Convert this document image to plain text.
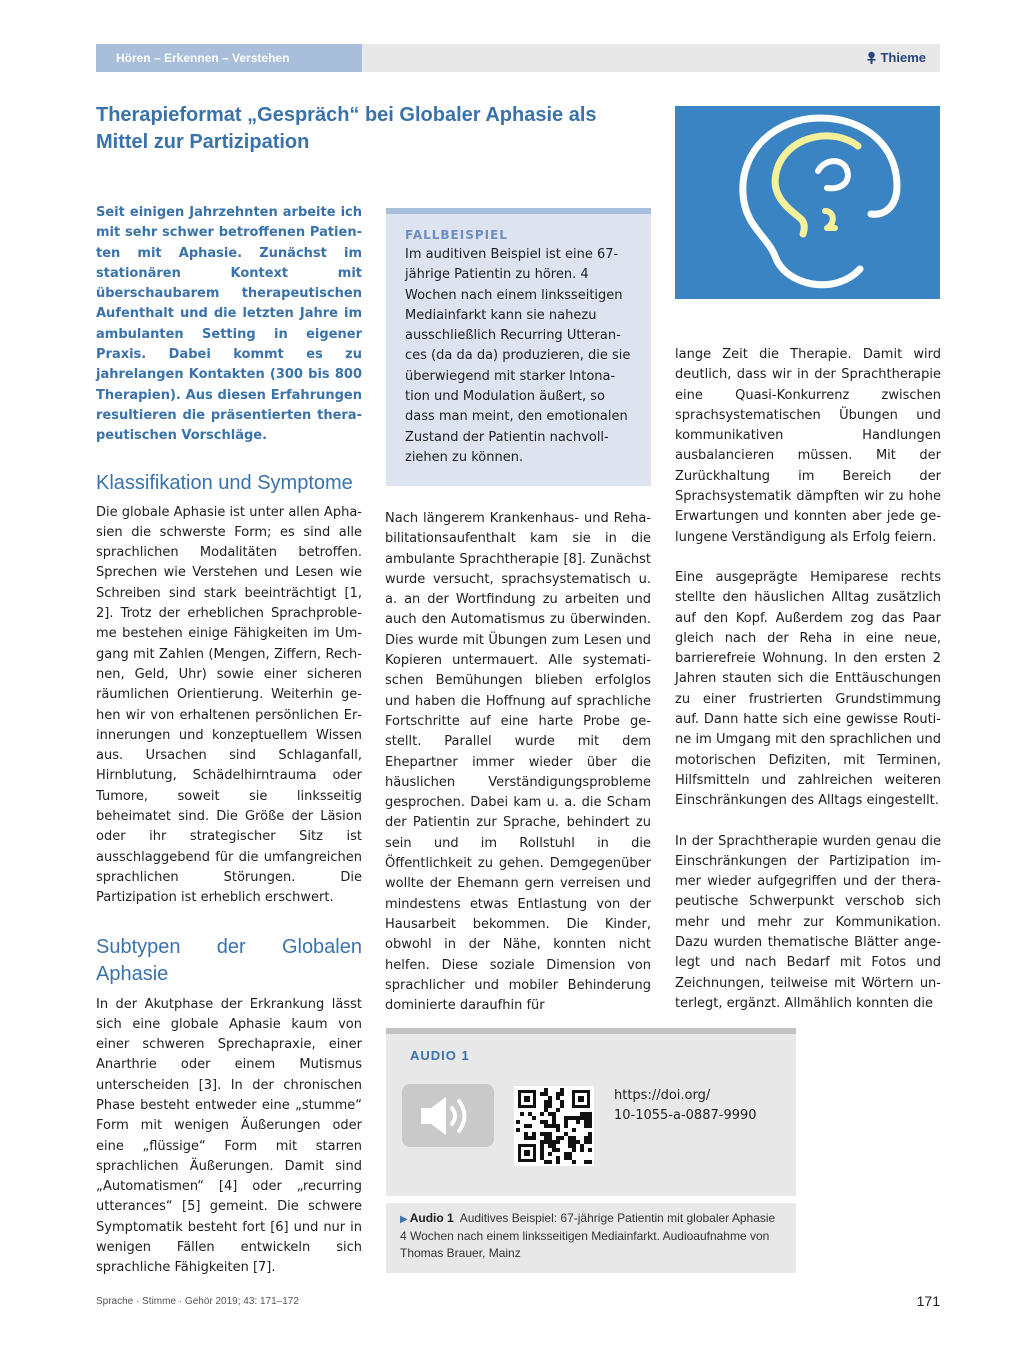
Hören – Erkennen – Verstehen	Thieme
Therapieformat „Gespräch“ bei Globaler Aphasie als Mittel zur Partizipation

Seit einigen Jahrzehnten arbeite ich mit sehr schwer betroffenen Patienten mit Aphasie. Zunächst im stationären Kontext mit überschaubarem therapeutischen Aufenthalt und die letzten Jahre im ambulanten Setting in eigener Praxis. Dabei kommt es zu jahrelangen Kontakten (300 bis 800 Therapien). Aus diesen Erfahrungen resultieren die präsentierten therapeutischen Vorschläge.

Klassifikation und Symptome

Die globale Aphasie ist unter allen Aphasien die schwerste Form; es sind alle sprachlichen Modalitäten betroffen. Sprechen wie Verstehen und Lesen wie Schreiben sind stark beeinträchtigt [1, 2]. Trotz der erheblichen Sprachprobleme bestehen einige Fähigkeiten im Umgang mit Zahlen (Mengen, Ziffern, Rechnen, Geld, Uhr) sowie einer sicheren räumlichen Orientierung. Weiterhin gehen wir von erhaltenen persönlichen Erinnerungen und konzeptuellem Wissen aus. Ursachen sind Schlaganfall, Hirnblutung, Schädelhirntrauma oder Tumore, soweit sie linksseitig beheimatet sind. Die Größe der Läsion oder ihr strategischer Sitz ist ausschlaggebend für die umfangreichen sprachlichen Störungen. Die Partizipation ist erheblich erschwert.

Subtypen der Globalen Aphasie

In der Akutphase der Erkrankung lässt sich eine globale Aphasie kaum von einer schweren Sprechapraxie, einer Anarthrie oder einem Mutismus unterscheiden [3]. In der chronischen Phase besteht entweder eine „stumme“ Form mit wenigen Äußerungen oder eine „flüssige“ Form mit starren sprachlichen Äußerungen. Damit sind „Automatismen“ [4] oder „recurring utterances“ [5] gemeint. Die schwere Symptomatik besteht fort [6] und nur in wenigen Fällen entwickeln sich sprachliche Fähigkeiten [7].

FALLBEISPIEL

Im auditiven Beispiel ist eine 67-jährige Patientin zu hören. 4 Wochen nach einem linksseitigen Mediainfarkt kann sie nahezu ausschließlich Recurring Utterances (da da da) produzieren, die sie überwiegend mit starker Intonation und Modulation äußert, so dass man meint, den emotionalen Zustand der Patientin nachvollziehen zu können.

Nach längerem Krankenhaus- und Rehabilitationsaufenthalt kam sie in die ambulante Sprachtherapie [8]. Zunächst wurde versucht, sprachsystematisch u. a. an der Wortfindung zu arbeiten und auch den Automatismus zu überwinden. Dies wurde mit Übungen zum Lesen und Kopieren untermauert. Alle systematischen Bemühungen blieben erfolglos und haben die Hoffnung auf sprachliche Fortschritte auf eine harte Probe gestellt. Parallel wurde mit dem Ehepartner immer wieder über die häuslichen Verständigungsprobleme gesprochen. Dabei kam u. a. die Scham der Patientin zur Sprache, behindert zu sein und im Rollstuhl in die Öffentlichkeit zu gehen. Demgegenüber wollte der Ehemann gern verreisen und mindestens etwas Entlastung von der Hausarbeit bekommen. Die Kinder, obwohl in der Nähe, konnten nicht helfen. Diese soziale Dimension von sprachlicher und mobiler Behinderung dominierte daraufhin für

lange Zeit die Therapie. Damit wird deutlich, dass wir in der Sprachtherapie eine Quasi-Konkurrenz zwischen sprachsystematischen Übungen und kommunikativen Handlungen ausbalancieren müssen. Mit der Zurückhaltung im Bereich der Sprachsystematik dämpften wir zu hohe Erwartungen und konnten aber jede gelungene Verständigung als Erfolg feiern.

Eine ausgeprägte Hemiparese rechts stellte den häuslichen Alltag zusätzlich auf den Kopf. Außerdem zog das Paar gleich nach der Reha in eine neue, barrierefreie Wohnung. In den ersten 2 Jahren stauten sich die Enttäuschungen zu einer frustrierten Grundstimmung auf. Dann hatte sich eine gewisse Routine im Umgang mit den sprachlichen und motorischen Defiziten, mit Terminen, Hilfsmitteln und zahlreichen weiteren Einschränkungen des Alltags eingestellt.

In der Sprachtherapie wurden genau die Einschränkungen der Partizipation immer wieder aufgegriffen und der therapeutische Schwerpunkt verschob sich mehr und mehr zur Kommunikation. Dazu wurden thematische Blätter angelegt und nach Bedarf mit Fotos und Zeichnungen, teilweise mit Wörtern unterlegt, ergänzt. Allmählich konnten die

AUDIO 1
https://doi.org/
10-1055-a-0887-9990
▶ Audio 1 Auditives Beispiel: 67-jährige Patientin mit globaler Aphasie 4 Wochen nach einem linksseitigen Mediainfarkt. Audioaufnahme von Thomas Brauer, Mainz
Sprache · Stimme · Gehör 2019; 43: 171–172	171
